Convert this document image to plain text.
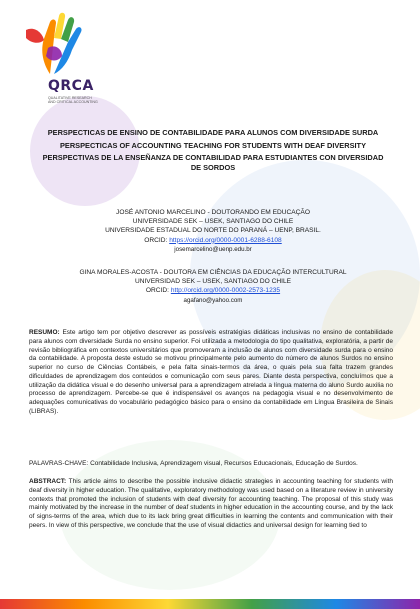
QRCA
QUALITATIVE RESEARCH
AND CRITICAL ACCOUNTING
PERSPECTICAS DE ENSINO DE CONTABILIDADE PARA ALUNOS COM DIVERSIDADE SURDA
PERSPECTICAS OF ACCOUNTING TEACHING FOR STUDENTS WITH DEAF DIVERSITY
PERSPECTIVAS DE LA ENSEÑANZA DE CONTABILIDAD PARA ESTUDIANTES CON DIVERSIDAD DE SORDOS
JOSÉ ANTONIO MARCELINO - DOUTORANDO EM EDUCAÇÃO
UNIVERSIDADE SEK – USEK, SANTIAGO DO CHILE
UNIVERSIDADE ESTADUAL DO NORTE DO PARANÁ – UENP, BRASIL.
ORCID: https://orcid.org/0000-0001-6288-6108
josemarcelino@uenp.edu.br
GINA MORALES-ACOSTA - DOUTORA EM CIÊNCIAS DA EDUCAÇÃO INTERCULTURAL
UNIVERSIDAD SEK – USEK, SANTIAGO DO CHILE
ORCID: http://orcid.org/0000-0002-2573-1235
agafano@yahoo.com

RESUMO: Este artigo tem por objetivo descrever as possíveis estratégias didáticas inclusivas no ensino de contabilidade para alunos com diversidade Surda no ensino superior. Foi utilizada a metodologia do tipo qualitativa, exploratória, a partir de revisão bibliográfica em contextos universitários que promoveram a inclusão de alunos com diversidade surda para o ensino da contabilidade. A proposta deste estudo se motivou principalmente pelo aumento do número de alunos Surdos no ensino superior no curso de Ciências Contábeis, e pela falta sinais-termos da área, o quais pela sua falta trazem grandes dificuldades de aprendizagem dos conteúdos e comunicação com seus pares. Diante desta perspectiva, concluímos que a utilização da didática visual e do desenho universal para a aprendizagem atrelada a língua materna do aluno Surdo auxilia no processo de aprendizagem. Percebe-se que é indispensável os avanços na pedagogia visual e no desenvolvimento de adequações comunicativas do vocabulário pedagógico básico para o ensino da contabilidade em Língua Brasileira de Sinais (LIBRAS).

PALAVRAS-CHAVE: Contabilidade Inclusiva, Aprendizagem visual, Recursos Educacionais, Educação de Surdos.

ABSTRACT: This article aims to describe the possible inclusive didactic strategies in accounting teaching for students with deaf diversity in higher education. The qualitative, exploratory methodology was used based on a literature review in university contexts that promoted the inclusion of students with deaf diversity for accounting teaching. The proposal of this study was mainly motivated by the increase in the number of deaf students in higher education in the accounting course, and by the lack of signs-terms of the area, which due to its lack bring great difficulties in learning the contents and communication with their peers. In view of this perspective, we conclude that the use of visual didactics and universal design for learning tied to
